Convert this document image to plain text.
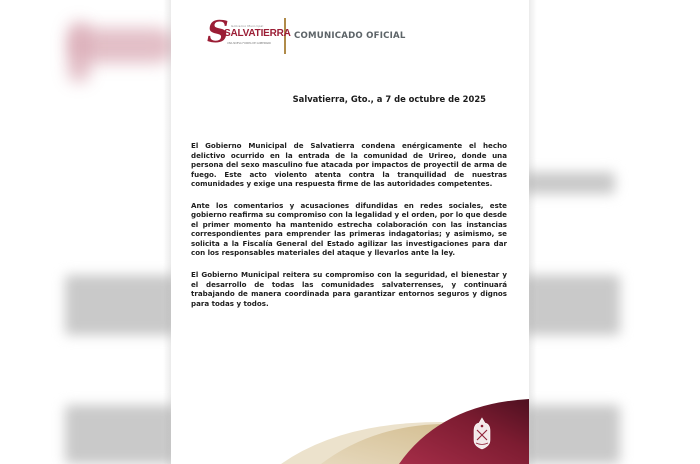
S Gobierno Municipal
SALVATIERRA
UNA NUEVA FORMA DE GOBERNAR
COMUNICADO OFICIAL
Salvatierra, Gto., a 7 de octubre de 2025

El Gobierno Municipal de Salvatierra condena enérgicamente el hecho delictivo ocurrido en la entrada de la comunidad de Urireo, donde una persona del sexo masculino fue atacada por impactos de proyectil de arma de fuego. Este acto violento atenta contra la tranquilidad de nuestras comunidades y exige una respuesta firme de las autoridades competentes.

Ante los comentarios y acusaciones difundidas en redes sociales, este gobierno reafirma su compromiso con la legalidad y el orden, por lo que desde el primer momento ha mantenido estrecha colaboración con las instancias correspondientes para emprender las primeras indagatorias; y asimismo, se solicita a la Fiscalía General del Estado agilizar las investigaciones para dar con los responsables materiales del ataque y llevarlos ante la ley.

El Gobierno Municipal reitera su compromiso con la seguridad, el bienestar y el desarrollo de todas las comunidades salvaterrenses, y continuará trabajando de manera coordinada para garantizar entornos seguros y dignos para todas y todos.
